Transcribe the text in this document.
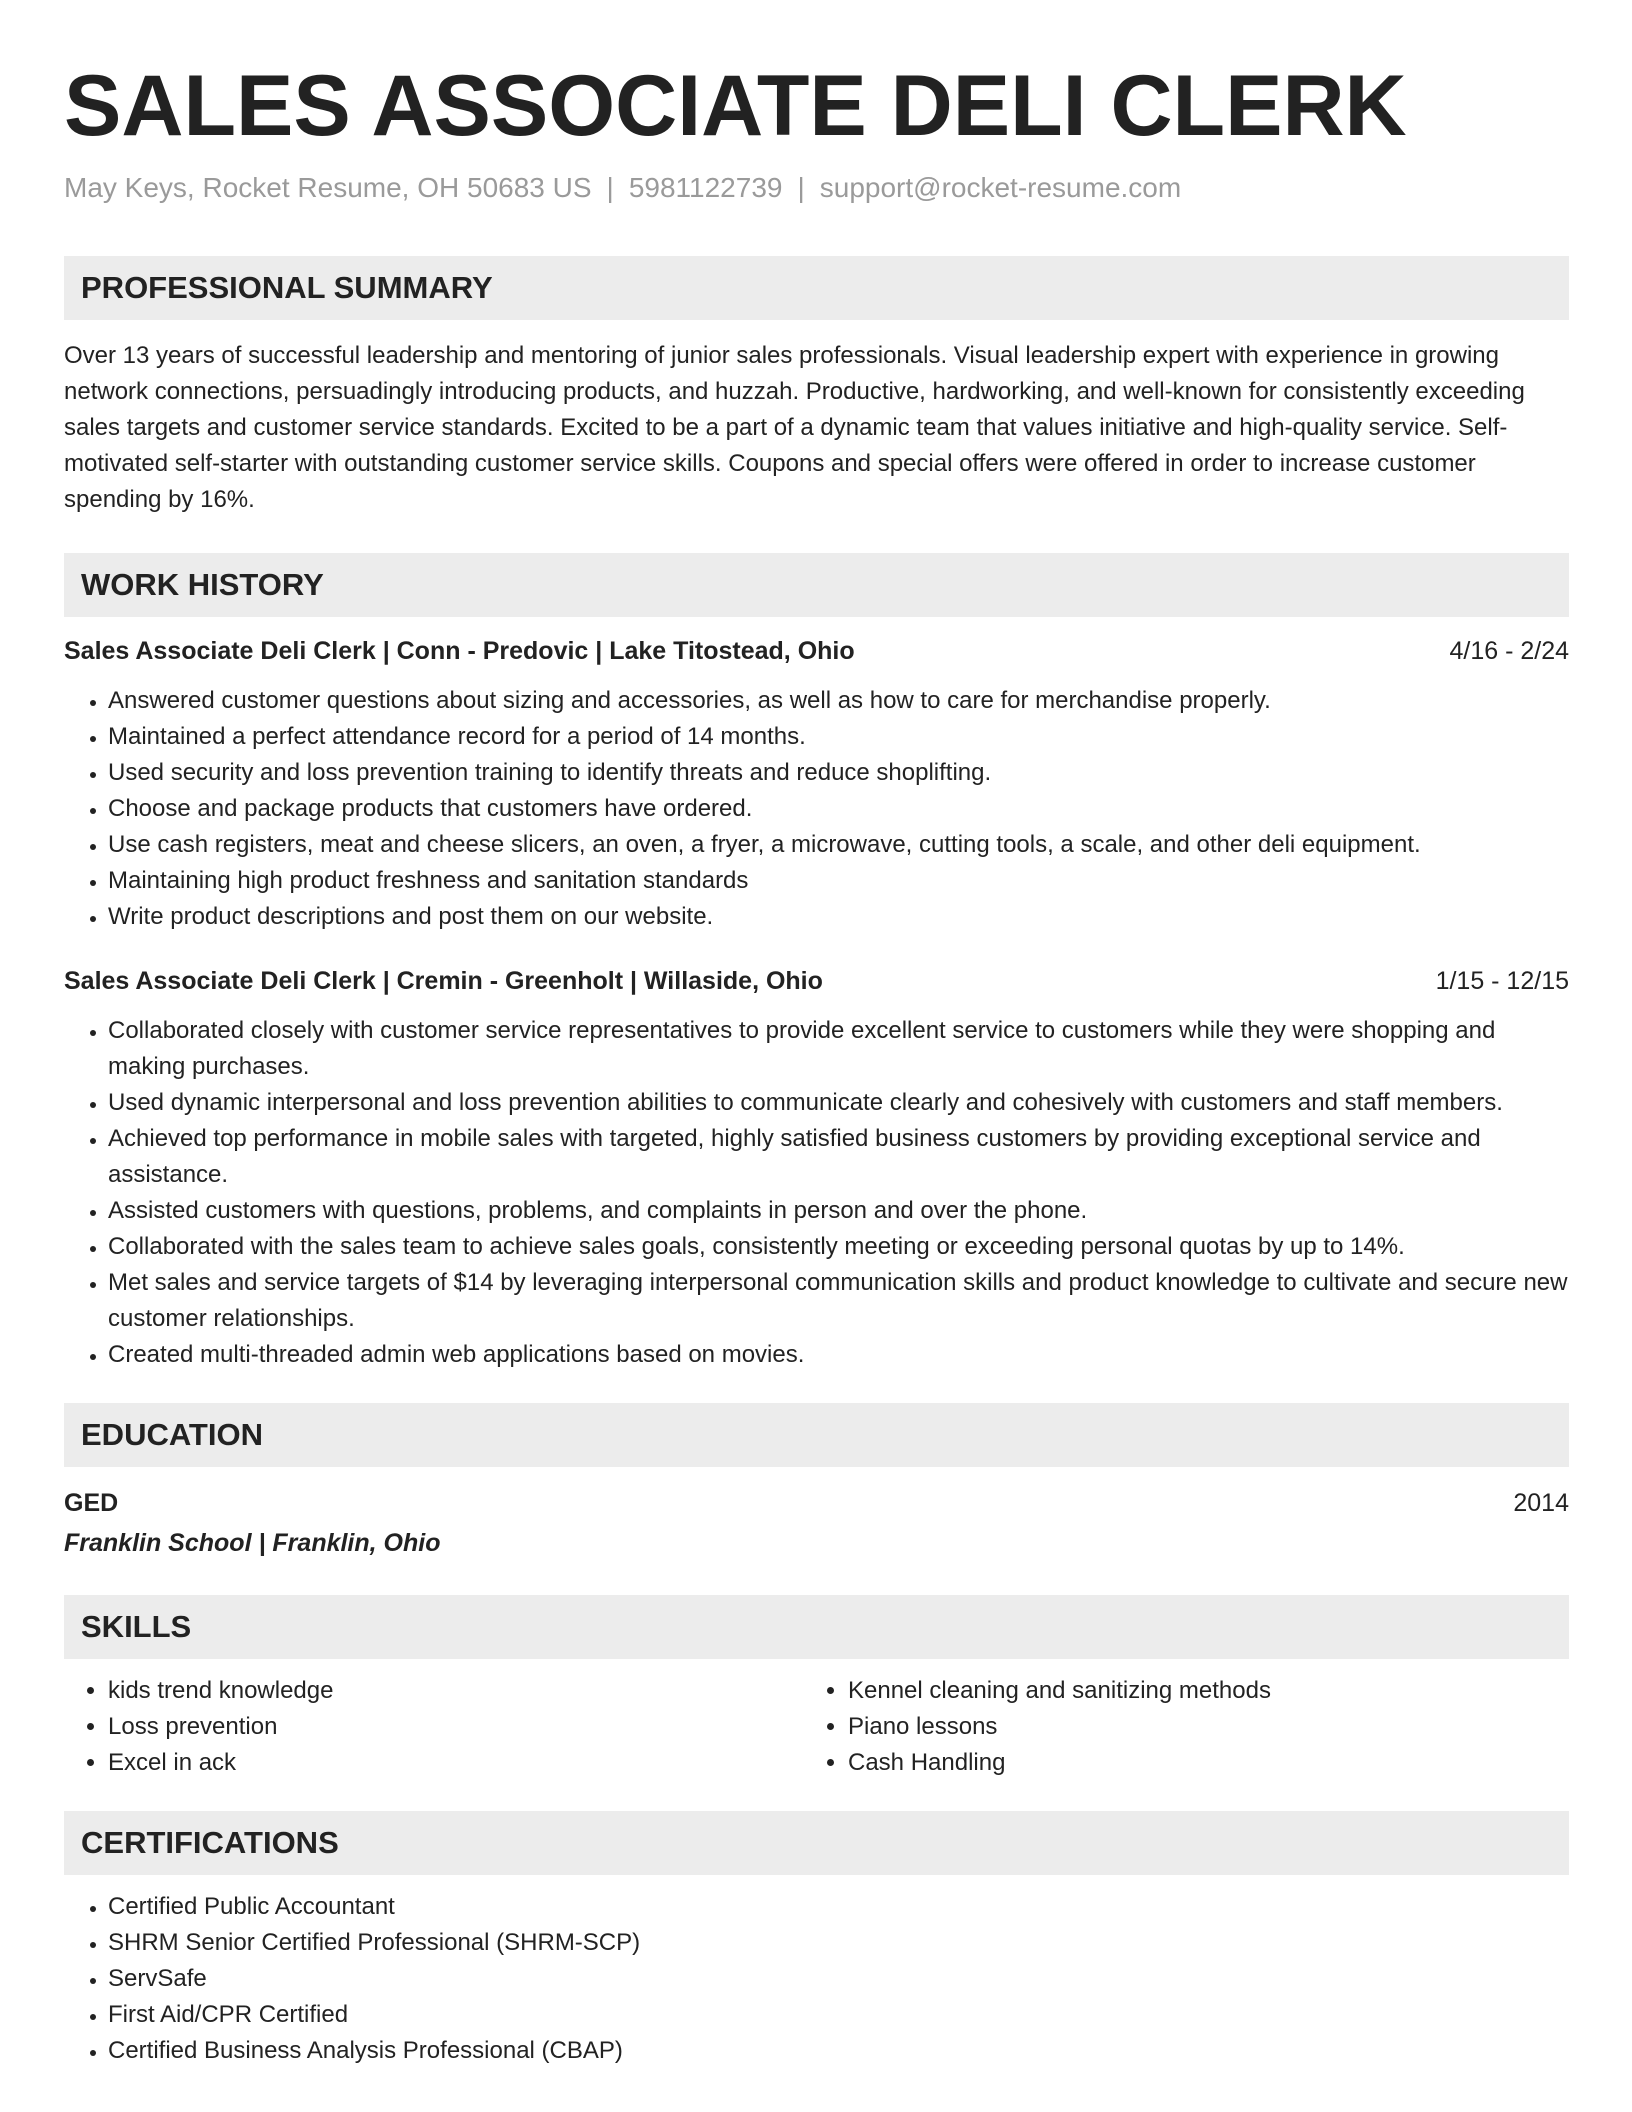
SALES ASSOCIATE DELI CLERK
May Keys, Rocket Resume, OH 50683 US | 5981122739 | support@rocket-resume.com
PROFESSIONAL SUMMARY
Over 13 years of successful leadership and mentoring of junior sales professionals. Visual leadership expert with experience in growing network connections, persuadingly introducing products, and huzzah. Productive, hardworking, and well-known for consistently exceeding sales targets and customer service standards. Excited to be a part of a dynamic team that values initiative and high-quality service. Self-motivated self-starter with outstanding customer service skills. Coupons and special offers were offered in order to increase customer spending by 16%.
WORK HISTORY
Sales Associate Deli Clerk | Conn - Predovic | Lake Titostead, Ohio	4/16 - 2/24
• Answered customer questions about sizing and accessories, as well as how to care for merchandise properly.
• Maintained a perfect attendance record for a period of 14 months.
• Used security and loss prevention training to identify threats and reduce shoplifting.
• Choose and package products that customers have ordered.
• Use cash registers, meat and cheese slicers, an oven, a fryer, a microwave, cutting tools, a scale, and other deli equipment.
• Maintaining high product freshness and sanitation standards
• Write product descriptions and post them on our website.
Sales Associate Deli Clerk | Cremin - Greenholt | Willaside, Ohio	1/15 - 12/15
• Collaborated closely with customer service representatives to provide excellent service to customers while they were shopping and making purchases.
• Used dynamic interpersonal and loss prevention abilities to communicate clearly and cohesively with customers and staff members.
• Achieved top performance in mobile sales with targeted, highly satisfied business customers by providing exceptional service and assistance.
• Assisted customers with questions, problems, and complaints in person and over the phone.
• Collaborated with the sales team to achieve sales goals, consistently meeting or exceeding personal quotas by up to 14%.
• Met sales and service targets of $14 by leveraging interpersonal communication skills and product knowledge to cultivate and secure new customer relationships.
• Created multi-threaded admin web applications based on movies.
EDUCATION
GED	2014
Franklin School | Franklin, Ohio
SKILLS
• kids trend knowledge
• Loss prevention
• Excel in ack
• Kennel cleaning and sanitizing methods
• Piano lessons
• Cash Handling
CERTIFICATIONS
• Certified Public Accountant
• SHRM Senior Certified Professional (SHRM-SCP)
• ServSafe
• First Aid/CPR Certified
• Certified Business Analysis Professional (CBAP)
